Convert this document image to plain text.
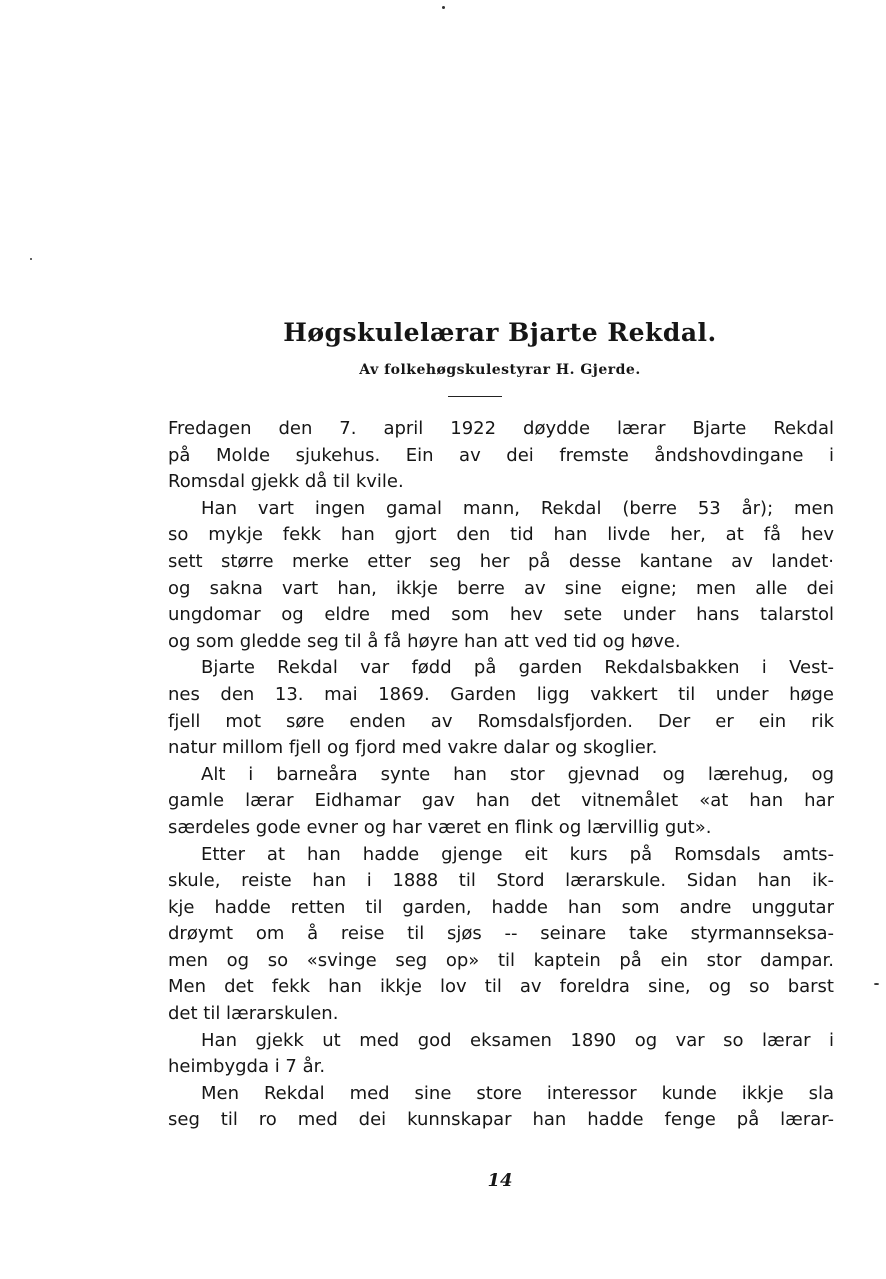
Høgskulelærar Bjarte Rekdal.
Av folkehøgskulestyrar H. Gjerde.
Fredagen den 7. april 1922 døydde lærar Bjarte Rekdal
på Molde sjukehus. Ein av dei fremste åndshovdingane i
Romsdal gjekk då til kvile.
Han vart ingen gamal mann, Rekdal (berre 53 år); men
so mykje fekk han gjort den tid han livde her, at få hev
sett større merke etter seg her på desse kantane av landet·
og sakna vart han, ikkje berre av sine eigne; men alle dei
ungdomar og eldre med som hev sete under hans talarstol
og som gledde seg til å få høyre han att ved tid og høve.
Bjarte Rekdal var fødd på garden Rekdalsbakken i Vest-
nes den 13. mai 1869. Garden ligg vakkert til under høge
fjell mot søre enden av Romsdalsfjorden. Der er ein rik
natur millom fjell og fjord med vakre dalar og skoglier.
Alt i barneåra synte han stor gjevnad og lærehug, og
gamle lærar Eidhamar gav han det vitnemålet «at han har
særdeles gode evner og har været en flink og lærvillig gut».
Etter at han hadde gjenge eit kurs på Romsdals amts-
skule, reiste han i 1888 til Stord lærarskule. Sidan han ik-
kje hadde retten til garden, hadde han som andre unggutar
drøymt om å reise til sjøs -- seinare take styrmannseksa-
men og so «svinge seg op» til kaptein på ein stor dampar.
Men det fekk han ikkje lov til av foreldra sine, og so barst
det til lærarskulen.
Han gjekk ut med god eksamen 1890 og var so lærar i
heimbygda i 7 år.
Men Rekdal med sine store interessor kunde ikkje sla
seg til ro med dei kunnskapar han hadde fenge på lærar-
14
